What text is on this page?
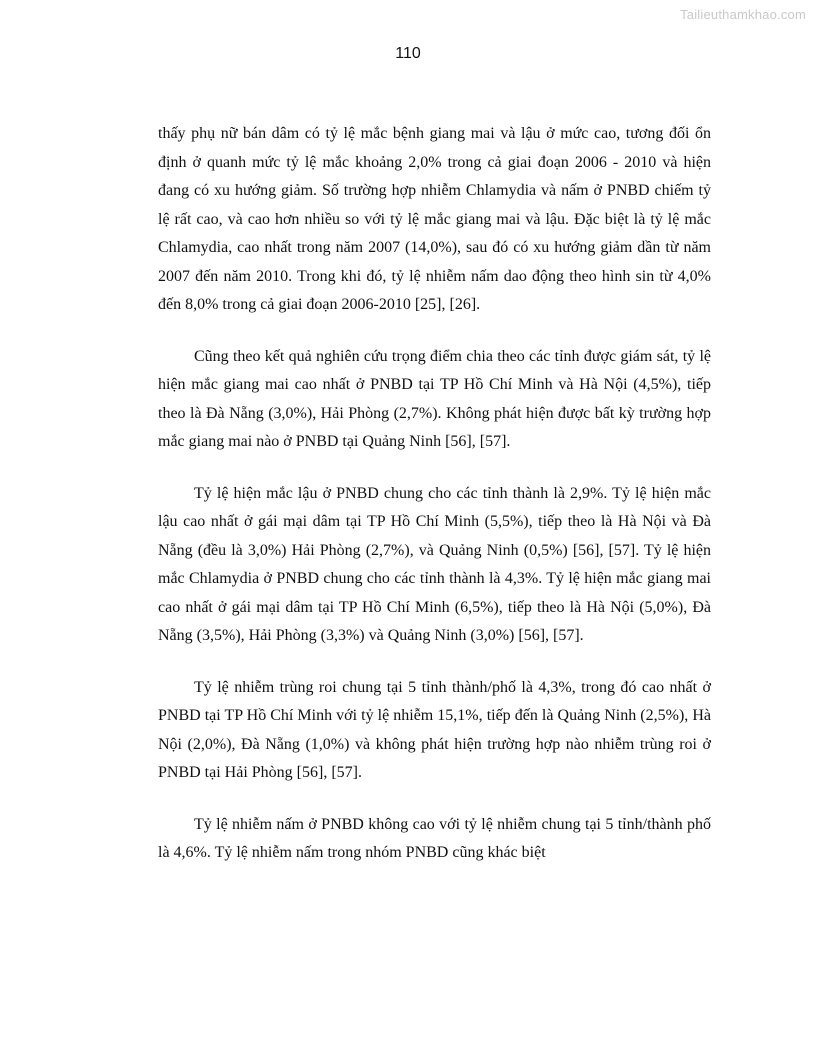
Tailieuthamkhao.com
110

thấy phụ nữ bán dâm có tỷ lệ mắc bệnh giang mai và lậu ở mức cao, tương đối ổn định ở quanh mức tỷ lệ mắc khoảng 2,0% trong cả giai đoạn 2006 - 2010 và hiện đang có xu hướng giảm. Số trường hợp nhiễm Chlamydia và nấm ở PNBD chiếm tỷ lệ rất cao, và cao hơn nhiều so với tỷ lệ mắc giang mai và lậu. Đặc biệt là tỷ lệ mắc Chlamydia, cao nhất trong năm 2007 (14,0%), sau đó có xu hướng giảm dần từ năm 2007 đến năm 2010. Trong khi đó, tỷ lệ nhiễm nấm dao động theo hình sin từ 4,0% đến 8,0% trong cả giai đoạn 2006-2010 [25], [26].

Cũng theo kết quả nghiên cứu trọng điểm chia theo các tỉnh được giám sát, tỷ lệ hiện mắc giang mai cao nhất ở PNBD tại TP Hồ Chí Minh và Hà Nội (4,5%), tiếp theo là Đà Nẵng (3,0%), Hải Phòng (2,7%). Không phát hiện được bất kỳ trường hợp mắc giang mai nào ở PNBD tại Quảng Ninh [56], [57].

Tỷ lệ hiện mắc lậu ở PNBD chung cho các tỉnh thành là 2,9%. Tỷ lệ hiện mắc lậu cao nhất ở gái mại dâm tại TP Hồ Chí Minh (5,5%), tiếp theo là Hà Nội và Đà Nẵng (đều là 3,0%) Hải Phòng (2,7%), và Quảng Ninh (0,5%) [56], [57]. Tỷ lệ hiện mắc Chlamydia ở PNBD chung cho các tỉnh thành là 4,3%. Tỷ lệ hiện mắc giang mai cao nhất ở gái mại dâm tại TP Hồ Chí Minh (6,5%), tiếp theo là Hà Nội (5,0%), Đà Nẵng (3,5%), Hải Phòng (3,3%) và Quảng Ninh (3,0%) [56], [57].

Tỷ lệ nhiễm trùng roi chung tại 5 tỉnh thành/phố là 4,3%, trong đó cao nhất ở PNBD tại TP Hồ Chí Minh với tỷ lệ nhiễm 15,1%, tiếp đến là Quảng Ninh (2,5%), Hà Nội (2,0%), Đà Nẵng (1,0%) và không phát hiện trường hợp nào nhiễm trùng roi ở PNBD tại Hải Phòng [56], [57].

Tỷ lệ nhiễm nấm ở PNBD không cao với tỷ lệ nhiễm chung tại 5 tỉnh/thành phố là 4,6%. Tỷ lệ nhiễm nấm trong nhóm PNBD cũng khác biệt
